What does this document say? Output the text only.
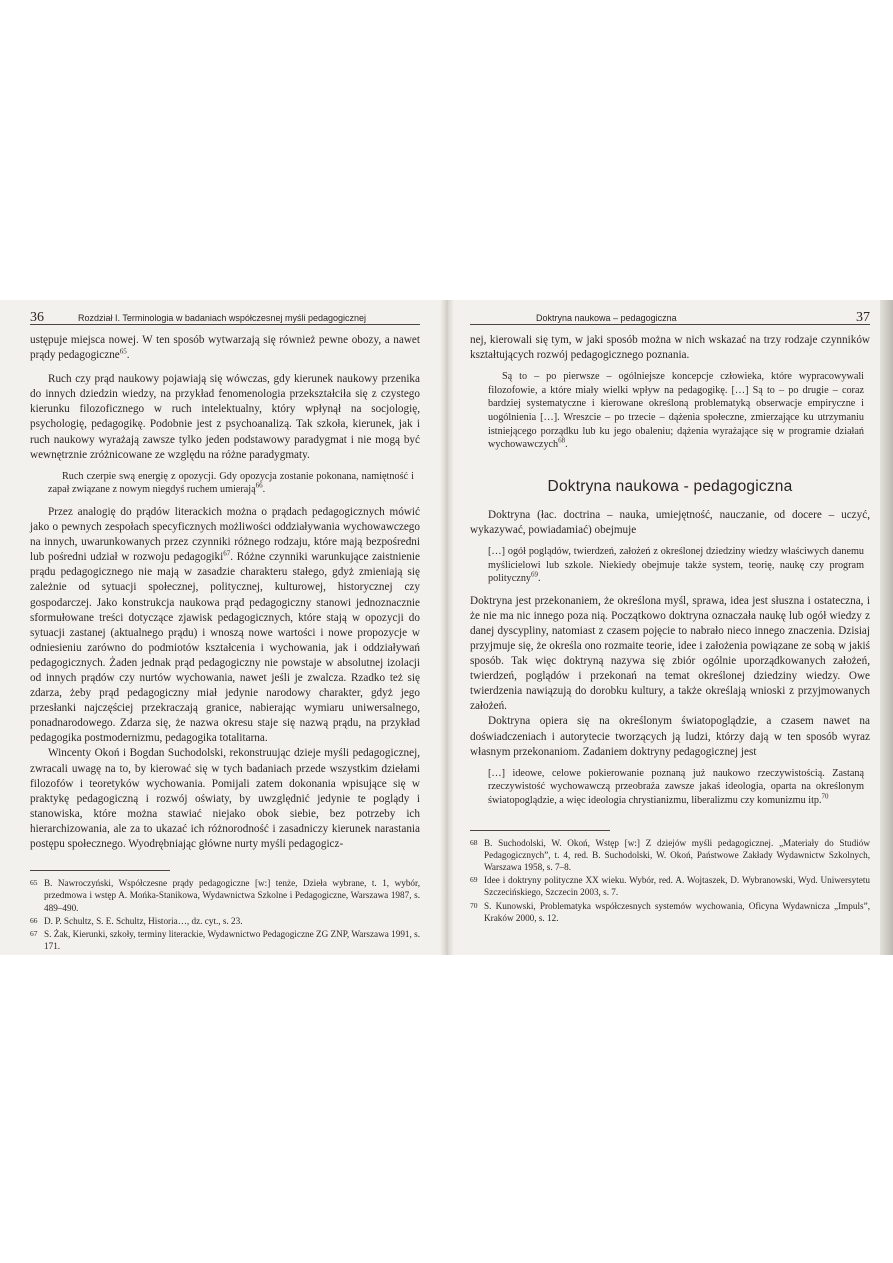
36	Rozdział I. Terminologia w badaniach współczesnej myśli pedagogicznej

ustępuje miejsca nowej. W ten sposób wytwarzają się również pewne obozy, a nawet prądy pedagogiczne$^{65}$.

Ruch czy prąd naukowy pojawiają się wówczas, gdy kierunek naukowy przenika do innych dziedzin wiedzy, na przykład fenomenologia przekształciła się z czystego kierunku filozoficznego w ruch intelektualny, który wpłynął na socjologię, psychologię, pedagogikę. Podobnie jest z psychoanalizą. Tak szkoła, kierunek, jak i ruch naukowy wyrażają zawsze tylko jeden podstawowy paradygmat i nie mogą być wewnętrznie zróżnicowane ze względu na różne paradygmaty.

Ruch czerpie swą energię z opozycji. Gdy opozycja zostanie pokonana, namiętność i zapał związane z nowym niegdyś ruchem umierają$^{66}$.

Przez analogię do prądów literackich można o prądach pedagogicznych mówić jako o pewnych zespołach specyficznych możliwości oddziaływania wychowawczego na innych, uwarunkowanych przez czynniki różnego rodzaju, które mają bezpośredni lub pośredni udział w rozwoju pedagogiki$^{67}$. Różne czynniki warunkujące zaistnienie prądu pedagogicznego nie mają w zasadzie charakteru stałego, gdyż zmieniają się zależnie od sytuacji społecznej, politycznej, kulturowej, historycznej czy gospodarczej. Jako konstrukcja naukowa prąd pedagogiczny stanowi jednoznacznie sformułowane treści dotyczące zjawisk pedagogicznych, które stają w opozycji do sytuacji zastanej (aktualnego prądu) i wnoszą nowe wartości i nowe propozycje w odniesieniu zarówno do podmiotów kształcenia i wychowania, jak i oddziaływań pedagogicznych. Żaden jednak prąd pedagogiczny nie powstaje w absolutnej izolacji od innych prądów czy nurtów wychowania, nawet jeśli je zwalcza. Rzadko też się zdarza, żeby prąd pedagogiczny miał jedynie narodowy charakter, gdyż jego przesłanki najczęściej przekraczają granice, nabierając wymiaru uniwersalnego, ponadnarodowego. Zdarza się, że nazwa okresu staje się nazwą prądu, na przykład pedagogika postmodernizmu, pedagogika totalitarna.

Wincenty Okoń i Bogdan Suchodolski, rekonstruując dzieje myśli pedagogicznej, zwracali uwagę na to, by kierować się w tych badaniach przede wszystkim dziełami filozofów i teoretyków wychowania. Pomijali zatem dokonania wpisujące się w praktykę pedagogiczną i rozwój oświaty, by uwzględnić jedynie te poglądy i stanowiska, które można stawiać niejako obok siebie, bez potrzeby ich hierarchizowania, ale za to ukazać ich różnorodność i zasadniczy kierunek narastania postępu społecznego. Wyodrębniając główne nurty myśli pedagogicz-

65 B. Nawroczyński, Współczesne prądy pedagogiczne [w:] tenże, Dzieła wybrane, t. 1, wybór, przedmowa i wstęp A. Mońka-Stanikowa, Wydawnictwa Szkolne i Pedagogiczne, Warszawa 1987, s. 489–490.

66 D. P. Schultz, S. E. Schultz, Historia…, dz. cyt., s. 23.

67 S. Żak, Kierunki, szkoły, terminy literackie, Wydawnictwo Pedagogiczne ZG ZNP, Warszawa 1991, s. 171.

Doktryna naukowa – pedagogiczna	37

nej, kierowali się tym, w jaki sposób można w nich wskazać na trzy rodzaje czynników kształtujących rozwój pedagogicznego poznania.

Są to – po pierwsze – ogólniejsze koncepcje człowieka, które wypracowywali filozofowie, a które miały wielki wpływ na pedagogikę. […] Są to – po drugie – coraz bardziej systematyczne i kierowane określoną problematyką obserwacje empiryczne i uogólnienia […]. Wreszcie – po trzecie – dążenia społeczne, zmierzające ku utrzymaniu istniejącego porządku lub ku jego obaleniu; dążenia wyrażające się w programie działań wychowawczych$^{68}$.

Doktryna naukowa - pedagogiczna

Doktryna (łac. doctrina – nauka, umiejętność, nauczanie, od docere – uczyć, wykazywać, powiadamiać) obejmuje

[…] ogół poglądów, twierdzeń, założeń z określonej dziedziny wiedzy właściwych danemu myślicielowi lub szkole. Niekiedy obejmuje także system, teorię, naukę czy program polityczny$^{69}$.

Doktryna jest przekonaniem, że określona myśl, sprawa, idea jest słuszna i ostateczna, i że nie ma nic innego poza nią. Początkowo doktryna oznaczała naukę lub ogół wiedzy z danej dyscypliny, natomiast z czasem pojęcie to nabrało nieco innego znaczenia. Dzisiaj przyjmuje się, że określa ono rozmaite teorie, idee i założenia powiązane ze sobą w jakiś sposób. Tak więc doktryną nazywa się zbiór ogólnie uporządkowanych założeń, twierdzeń, poglądów i przekonań na temat określonej dziedziny wiedzy. Owe twierdzenia nawiązują do dorobku kultury, a także określają wnioski z przyjmowanych założeń.

Doktryna opiera się na określonym światopoglądzie, a czasem nawet na doświadczeniach i autorytecie tworzących ją ludzi, którzy dają w ten sposób wyraz własnym przekonaniom. Zadaniem doktryny pedagogicznej jest

[…] ideowe, celowe pokierowanie poznaną już naukowo rzeczywistością. Zastaną rzeczywistość wychowawczą przeobraża zawsze jakaś ideologia, oparta na określonym światopoglądzie, a więc ideologia chrystianizmu, liberalizmu czy komunizmu itp.$^{70}$

68 B. Suchodolski, W. Okoń, Wstęp [w:] Z dziejów myśli pedagogicznej. „Materiały do Studiów Pedagogicznych”, t. 4, red. B. Suchodolski, W. Okoń, Państwowe Zakłady Wydawnictw Szkolnych, Warszawa 1958, s. 7–8.

69 Idee i doktryny polityczne XX wieku. Wybór, red. A. Wojtaszek, D. Wybranowski, Wyd. Uniwersytetu Szczecińskiego, Szczecin 2003, s. 7.

70 S. Kunowski, Problematyka współczesnych systemów wychowania, Oficyna Wydawnicza „Impuls”, Kraków 2000, s. 12.
